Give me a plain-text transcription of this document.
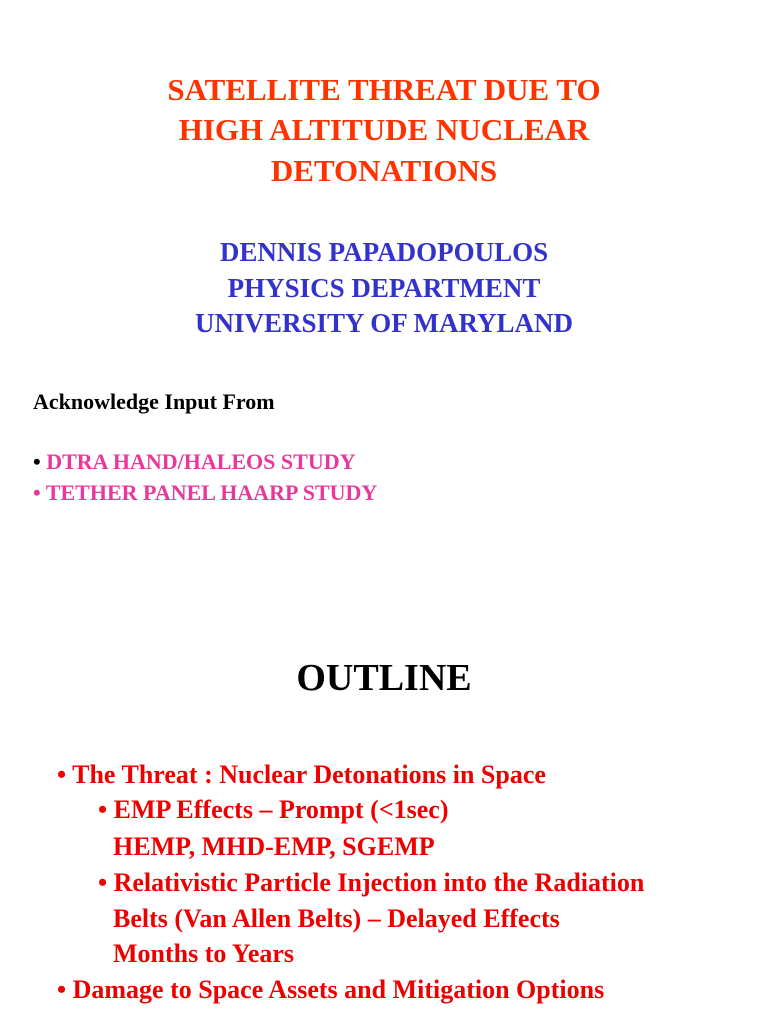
SATELLITE THREAT DUE TO
HIGH ALTITUDE NUCLEAR
DETONATIONS
DENNIS PAPADOPOULOS
PHYSICS DEPARTMENT
UNIVERSITY OF MARYLAND
Acknowledge Input From
• DTRA HAND/HALEOS STUDY
• TETHER PANEL HAARP STUDY
OUTLINE
• The Threat : Nuclear Detonations in Space
• EMP Effects – Prompt (<1sec)
HEMP, MHD-EMP, SGEMP
• Relativistic Particle Injection into the Radiation
Belts (Van Allen Belts) – Delayed Effects
Months to Years
• Damage to Space Assets and Mitigation Options
